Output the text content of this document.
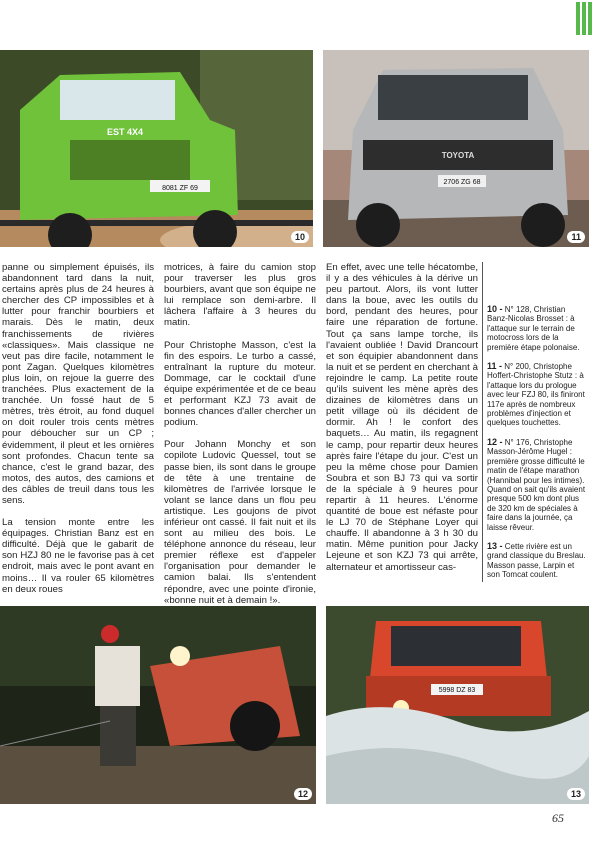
8081 ZF 69
EST 4X4
10
TOYOTA
2706 ZG 68
11

panne ou simplement épuisés, ils abandonnent tard dans la nuit, certains après plus de 24 heures à chercher des CP impossibles et à lutter pour franchir bourbiers et marais. Dès le matin, deux franchissements de rivières «classiques». Mais classique ne veut pas dire facile, notamment le pont Zagan. Quelques kilomètres plus loin, on rejoue la guerre des tranchées. Plus exactement de la tranchée. Un fossé haut de 5 mètres, très étroit, au fond duquel on doit rouler trois cents mètres pour déboucher sur un CP ; évidemment, il pleut et les ornières sont profondes. Chacun tente sa chance, c'est le grand bazar, des motos, des autos, des camions et des câbles de treuil dans tous les sens.

La tension monte entre les équipages. Christian Banz est en difficulté. Déjà que le gabarit de son HZJ 80 ne le favorise pas à cet endroit, mais avec le pont avant en moins… Il va rouler 65 kilomètres en deux roues

motrices, à faire du camion stop pour traverser les plus gros bourbiers, avant que son équipe ne lui remplace son demi-arbre. Il lâchera l'affaire à 3 heures du matin.

Pour Christophe Masson, c'est la fin des espoirs. Le turbo a cassé, entraînant la rupture du moteur. Dommage, car le cocktail d'une équipe expérimentée et de ce beau et performant KZJ 73 avait de bonnes chances d'aller chercher un podium.

Pour Johann Monchy et son copilote Ludovic Quessel, tout se passe bien, ils sont dans le groupe de tête à une trentaine de kilomètres de l'arrivée lorsque le volant se lance dans un flou peu artistique. Les goujons de pivot inférieur ont cassé. Il fait nuit et ils sont au milieu des bois. Le téléphone annonce du réseau, leur premier réflexe est d'appeler l'organisation pour demander le camion balai. Ils s'entendent répondre, avec une pointe d'ironie, «bonne nuit et à demain !».

En effet, avec une telle hécatombe, il y a des véhicules à la dérive un peu partout. Alors, ils vont lutter dans la boue, avec les outils du bord, pendant des heures, pour faire une réparation de fortune. Tout ça sans lampe torche, ils l'avaient oubliée ! David Drancourt et son équipier abandonnent dans la nuit et se perdent en cherchant à rejoindre le camp. La petite route qu'ils suivent les mène après des dizaines de kilomètres dans un petit village où ils décident de dormir. Ah ! le confort des baquets… Au matin, ils regagnent le camp, pour repartir deux heures après faire l'étape du jour. C'est un peu la même chose pour Damien Soubra et son BJ 73 qui va sortir de la spéciale à 9 heures pour repartir à 11 heures. L'énorme quantité de boue est néfaste pour le LJ 70 de Stéphane Loyer qui chauffe. Il abandonne à 3 h 30 du matin. Même punition pour Jacky Lejeune et son KZJ 73 qui arrête, alternateur et amortisseur cas-

10 - N° 128, Christian Banz-Nicolas Brosset : à l'attaque sur le terrain de motocross lors de la première étape polonaise.

11 - N° 200, Christophe Hoffert-Christophe Stutz : à l'attaque lors du prologue avec leur FZJ 80, ils finiront 117e après de nombreux problèmes d'injection et quelques touchettes.

12 - N° 176, Christophe Masson-Jérôme Hugel : première grosse difficulté le matin de l'étape marathon (Hannibal pour les intimes). Quand on sait qu'ils avaient presque 500 km dont plus de 320 km de spéciales à faire dans la journée, ça laisse rêveur.

13 - Cette rivière est un grand classique du Breslau. Masson passe, Larpin et son Tomcat coulent.

12
5998 DZ 83
13
65
